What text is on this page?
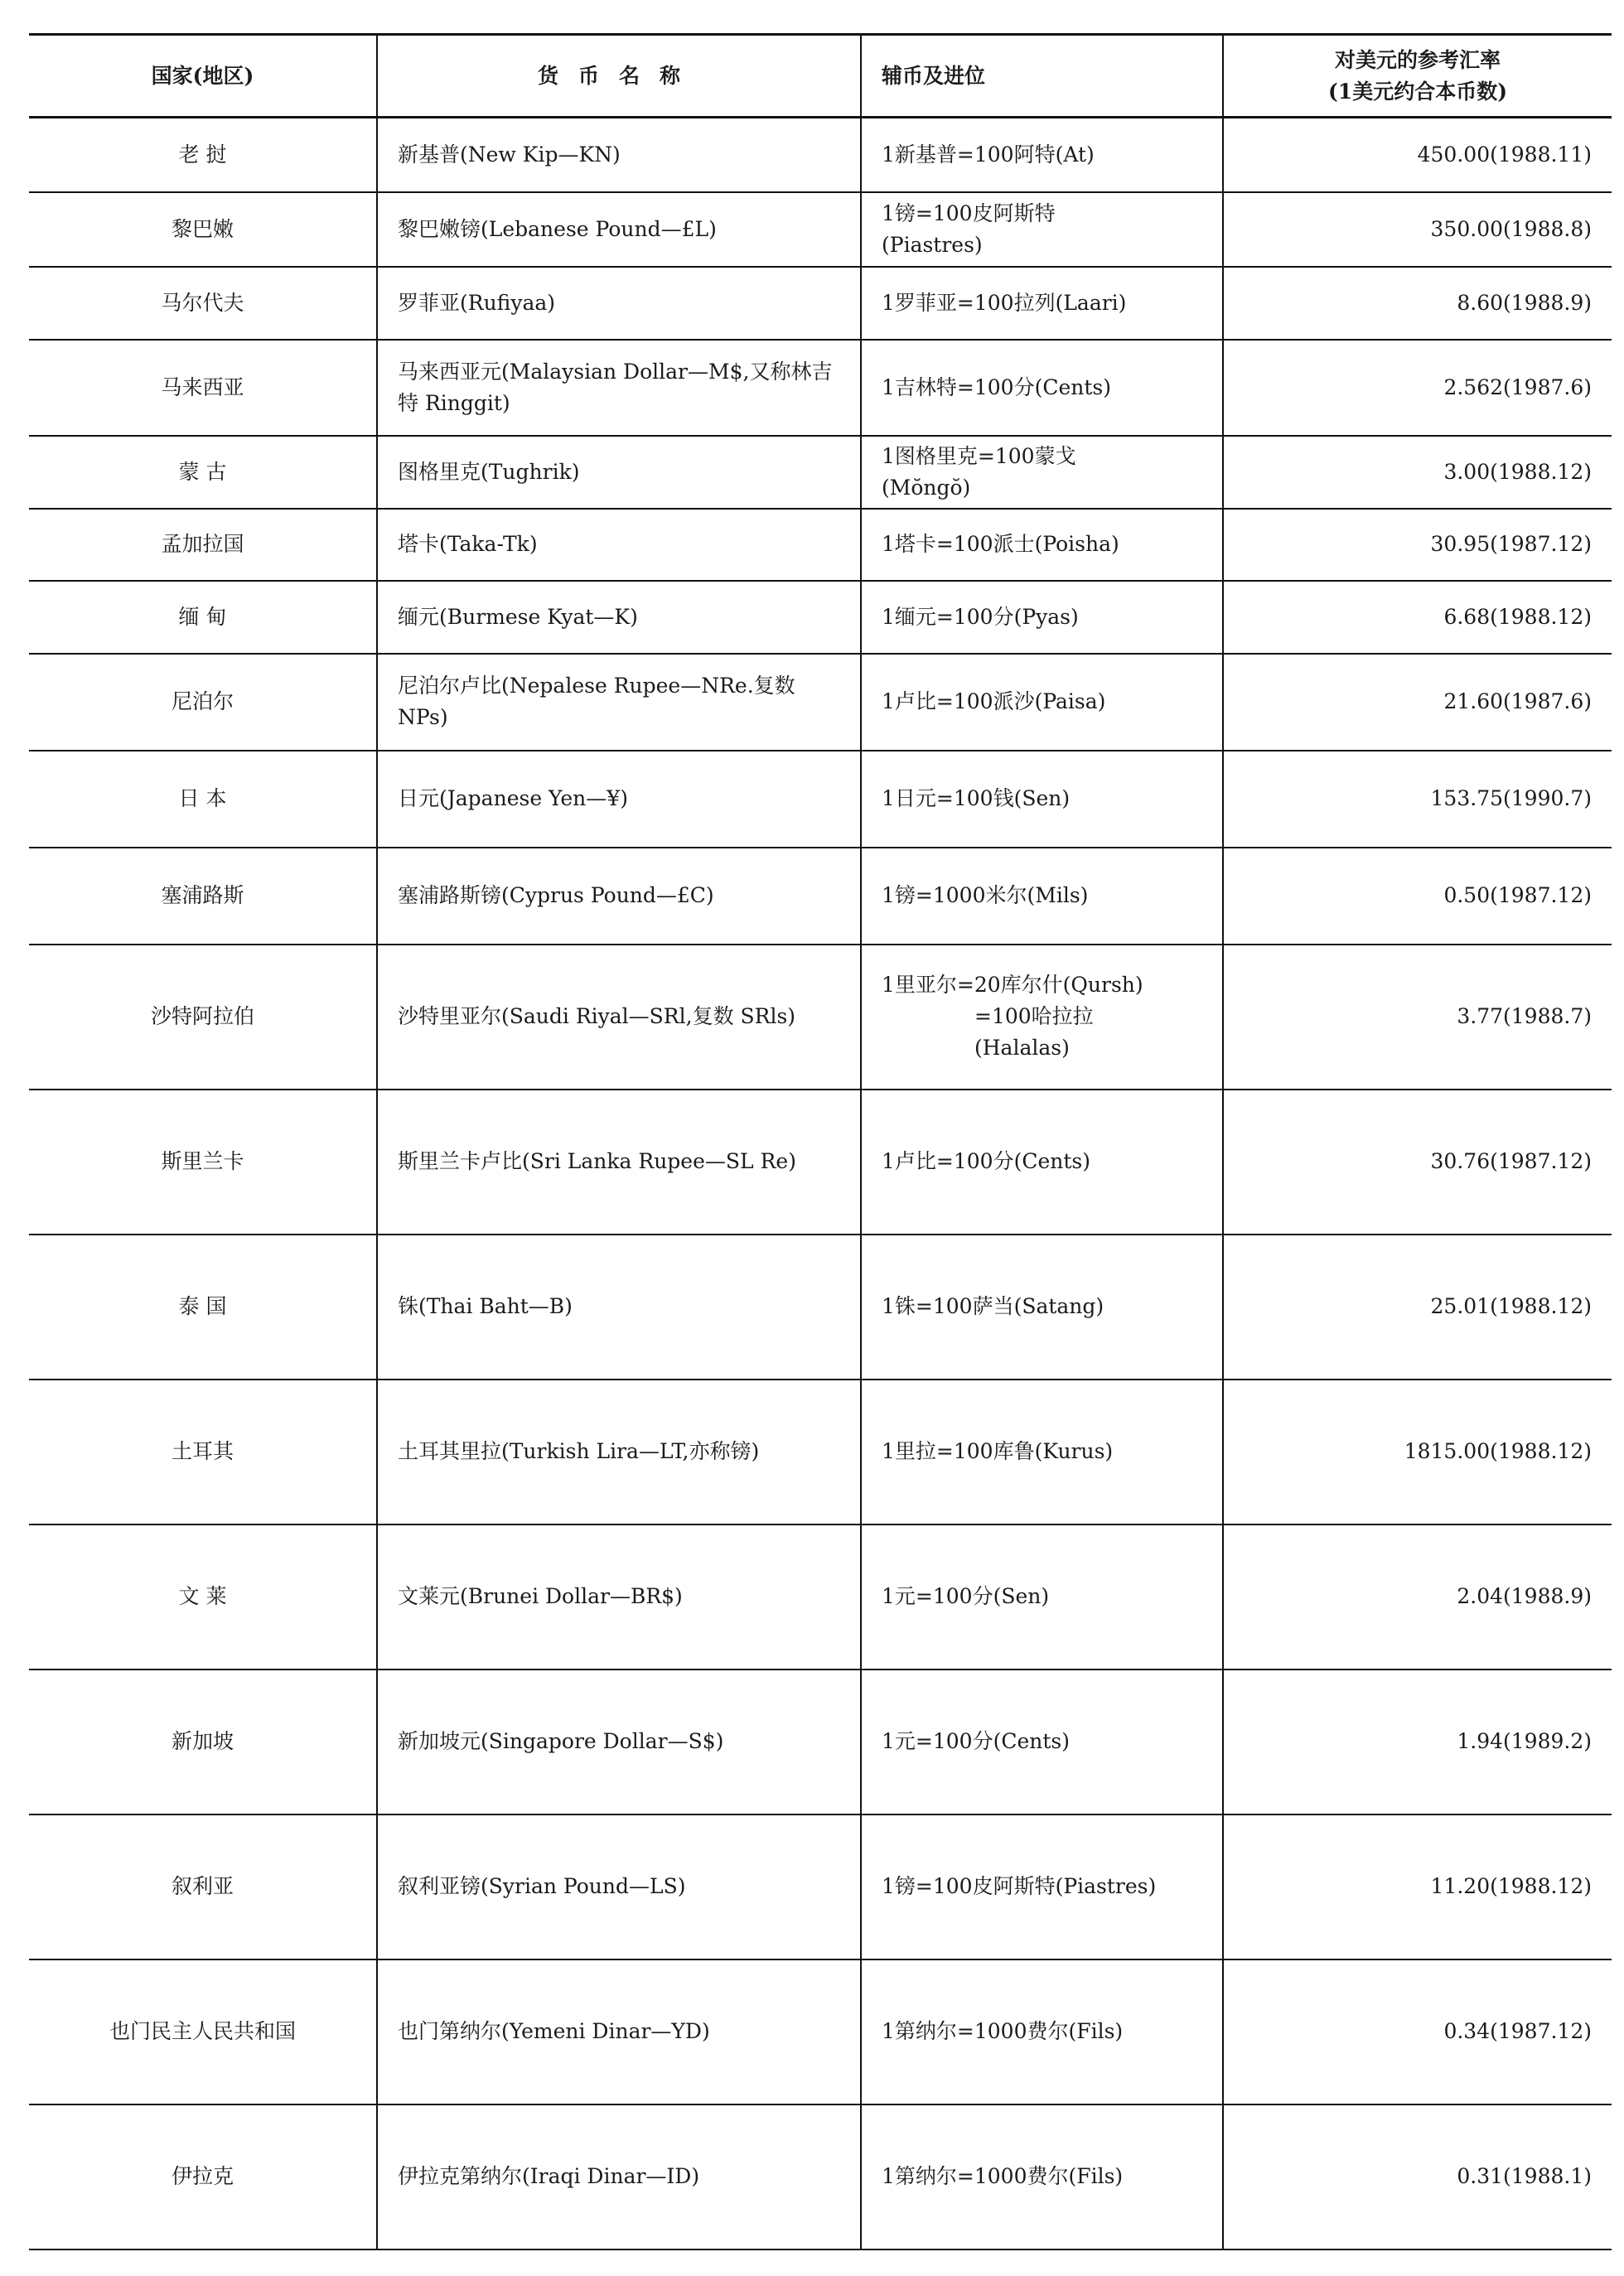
国家(地区)	货币名称	辅币及进位	对美元的参考汇率
(1美元约合本币数)

老 挝	新基普(New Kip—KN)	1新基普=100阿特(At)	450.00(1988.11)
黎巴嫩	黎巴嫩镑(Lebanese Pound—£L)	1镑=100皮阿斯特
(Piastres)	350.00(1988.8)
马尔代夫	罗菲亚(Rufiyaa)	1罗菲亚=100拉列(Laari)	8.60(1988.9)
马来西亚	马来西亚元(Malaysian Dollar—M$,又称林吉特 Ringgit)	1吉林特=100分(Cents)	2.562(1987.6)
蒙 古	图格里克(Tughrik)	1图格里克=100蒙戈
(Mŏngŏ)	3.00(1988.12)
孟加拉国	塔卡(Taka-Tk)	1塔卡=100派士(Poisha)	30.95(1987.12)
缅 甸	缅元(Burmese Kyat—K)	1缅元=100分(Pyas)	6.68(1988.12)
尼泊尔	尼泊尔卢比(Nepalese Rupee—NRe.复数 NPs)	1卢比=100派沙(Paisa)	21.60(1987.6)
日 本	日元(Japanese Yen—¥)	1日元=100钱(Sen)	153.75(1990.7)
塞浦路斯	塞浦路斯镑(Cyprus Pound—£C)	1镑=1000米尔(Mils)	0.50(1987.12)
沙特阿拉伯	沙特里亚尔(Saudi Riyal—SRl,复数 SRls)	1里亚尔=20库尔什(Qursh)
=100哈拉拉
(Halalas)	3.77(1988.7)
斯里兰卡	斯里兰卡卢比(Sri Lanka Rupee—SL Re)	1卢比=100分(Cents)	30.76(1987.12)
泰 国	铢(Thai Baht—B)	1铢=100萨当(Satang)	25.01(1988.12)
土耳其	土耳其里拉(Turkish Lira—LT,亦称镑)	1里拉=100库鲁(Kurus)	1815.00(1988.12)
文 莱	文莱元(Brunei Dollar—BR$)	1元=100分(Sen)	2.04(1988.9)
新加坡	新加坡元(Singapore Dollar—S$)	1元=100分(Cents)	1.94(1989.2)
叙利亚	叙利亚镑(Syrian Pound—LS)	1镑=100皮阿斯特(Piastres)	11.20(1988.12)
也门民主人民共和国	也门第纳尔(Yemeni Dinar—YD)	1第纳尔=1000费尔(Fils)	0.34(1987.12)
伊拉克	伊拉克第纳尔(Iraqi Dinar—ID)	1第纳尔=1000费尔(Fils)	0.31(1988.1)
